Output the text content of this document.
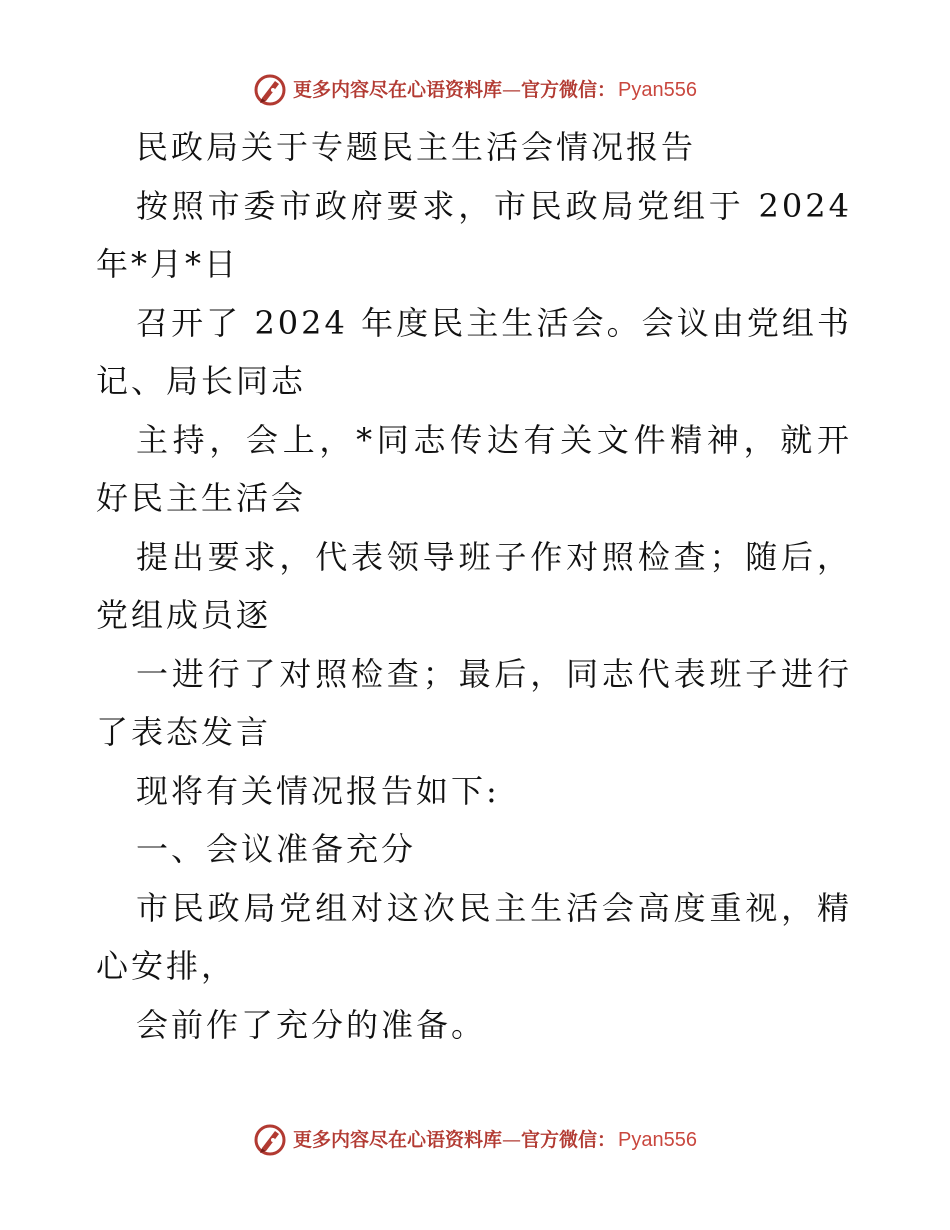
更多内容尽在心语资料库 — 官方微信： Pyan556

民政局关于专题民主生活会情况报告

按照市委市政府要求，市民政局党组于 2024 年*月*日

召开了 2024 年度民主生活会。会议由党组书记、局长同志

主持，会上，*同志传达有关文件精神，就开好民主生活会

提出要求，代表领导班子作对照检查；随后，党组成员逐

一进行了对照检查；最后，同志代表班子进行了表态发言

现将有关情况报告如下:

一、会议准备充分

市民政局党组对这次民主生活会高度重视，精心安排，

会前作了充分的准备。

更多内容尽在心语资料库 — 官方微信： Pyan556
